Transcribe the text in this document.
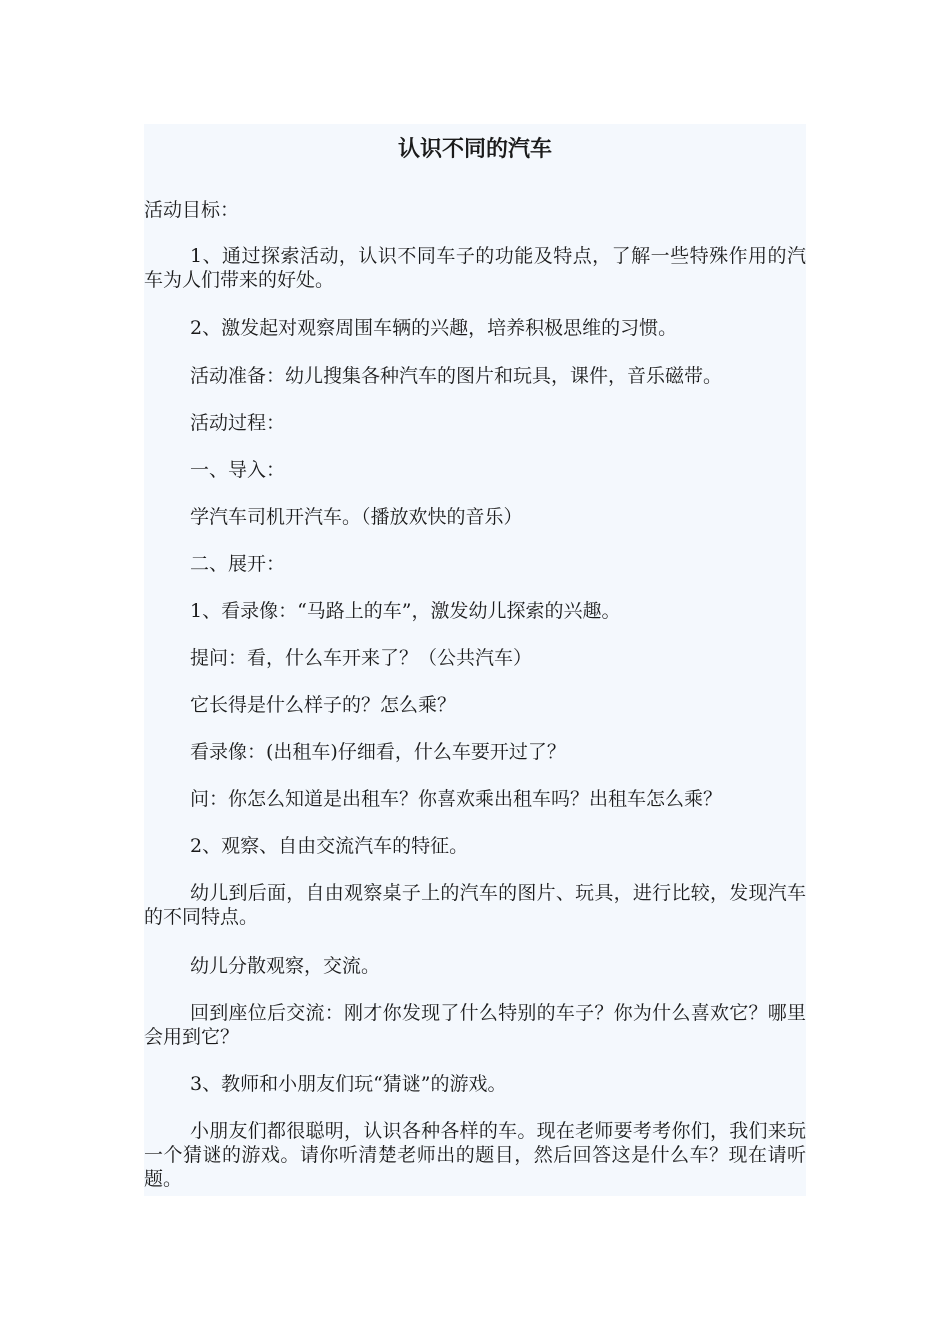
认识不同的汽车
活动目标：
1、通过探索活动，认识不同车子的功能及特点，了解一些特殊作用的汽车为人们带来的好处。
2、激发起对观察周围车辆的兴趣，培养积极思维的习惯。
活动准备：幼儿搜集各种汽车的图片和玩具，课件，音乐磁带。
活动过程：
一、导入：
学汽车司机开汽车。（播放欢快的音乐）
二、展开：
1、看录像：“马路上的车”，激发幼儿探索的兴趣。
提问：看，什么车开来了？（公共汽车）
它长得是什么样子的？怎么乘？
看录像：(出租车)仔细看，什么车要开过了？
问：你怎么知道是出租车？你喜欢乘出租车吗？出租车怎么乘？
2、观察、自由交流汽车的特征。
幼儿到后面，自由观察桌子上的汽车的图片、玩具，进行比较，发现汽车的不同特点。
幼儿分散观察，交流。
回到座位后交流：刚才你发现了什么特别的车子？你为什么喜欢它？哪里会用到它？
3、教师和小朋友们玩“猜谜”的游戏。
小朋友们都很聪明，认识各种各样的车。现在老师要考考你们，我们来玩一个猜谜的游戏。请你听清楚老师出的题目，然后回答这是什么车？现在请听题。
